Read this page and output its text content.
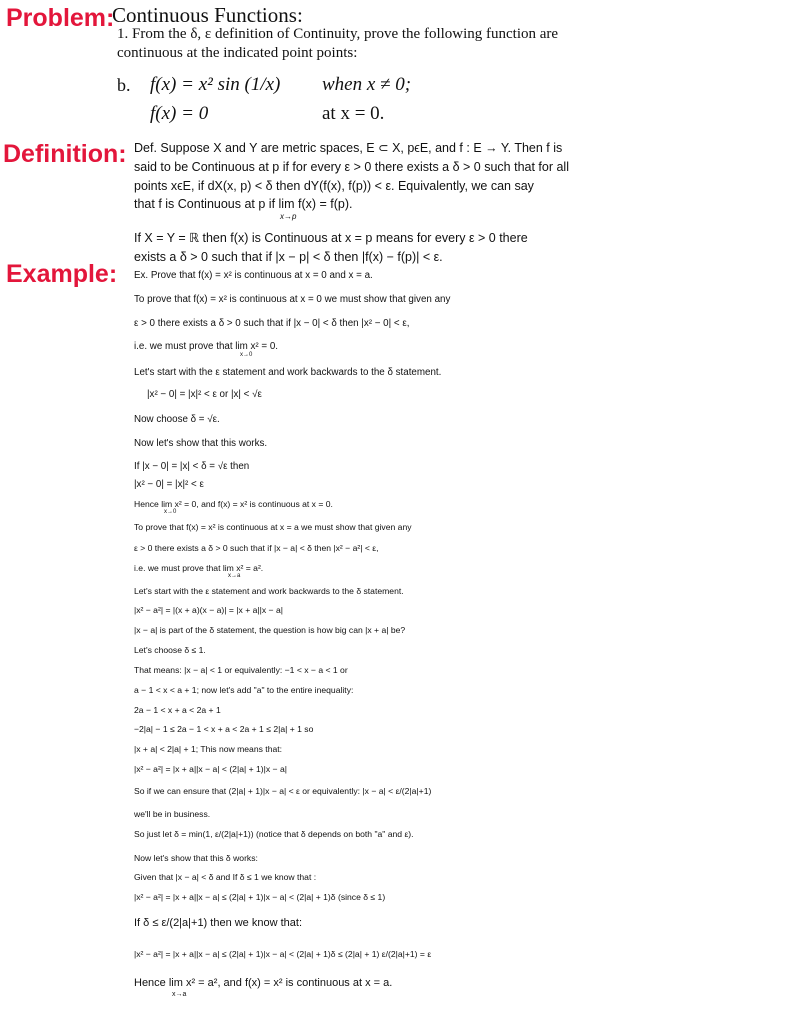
Problem:
Definition:
Example:
Continuous Functions:
1. From the δ, ε definition of Continuity, prove the following function are
continuous at the indicated point points:
b. f(x) = x² sin (1/x) when x ≠ 0;
f(x) = 0	at x = 0.
Def. Suppose X and Y are metric spaces, E ⊂ X, pϵE, and f : E → Y. Then f is
said to be Continuous at p if for every ε > 0 there exists a δ > 0 such that for all
points xϵE, if dX(x, p) < δ then dY(f(x), f(p)) < ε. Equivalently, we can say
that f is Continuous at p if lim f(x) = f(p).
x→p
If X = Y = ℝ then f(x) is Continuous at x = p means for every ε > 0 there
exists a δ > 0 such that if |x − p| < δ then |f(x) − f(p)| < ε.
Ex. Prove that f(x) = x² is continuous at x = 0 and x = a.
To prove that f(x) = x² is continuous at x = 0 we must show that given any
ε > 0 there exists a δ > 0 such that if |x − 0| < δ then |x² − 0| < ε,
i.e. we must prove that lim x² = 0.
x→0
Let's start with the ε statement and work backwards to the δ statement.
|x² − 0| = |x|² < ε or |x| < √ε
Now choose δ = √ε.
Now let's show that this works.
If |x − 0| = |x| < δ = √ε then
|x² − 0| = |x|² < ε
Hence lim x² = 0, and f(x) = x² is continuous at x = 0.
x→0
To prove that f(x) = x² is continuous at x = a we must show that given any
ε > 0 there exists a δ > 0 such that if |x − a| < δ then |x² − a²| < ε,
i.e. we must prove that lim x² = a².
x→a
Let's start with the ε statement and work backwards to the δ statement.
|x² − a²| = |(x + a)(x − a)| = |x + a||x − a|
|x − a| is part of the δ statement, the question is how big can |x + a| be?
Let's choose δ ≤ 1.
That means: |x − a| < 1 or equivalently: −1 < x − a < 1 or
a − 1 < x < a + 1; now let's add "a" to the entire inequality:
2a − 1 < x + a < 2a + 1
−2|a| − 1 ≤ 2a − 1 < x + a < 2a + 1 ≤ 2|a| + 1 so
|x + a| < 2|a| + 1; This now means that:
|x² − a²| = |x + a||x − a| < (2|a| + 1)|x − a|
So if we can ensure that (2|a| + 1)|x − a| < ε or equivalently: |x − a| < ε/(2|a|+1)
we'll be in business.
So just let δ = min(1, ε/(2|a|+1)) (notice that δ depends on both "a" and ε).
Now let's show that this δ works:
Given that |x − a| < δ and If δ ≤ 1 we know that :
|x² − a²| = |x + a||x − a| ≤ (2|a| + 1)|x − a| < (2|a| + 1)δ (since δ ≤ 1)
If δ ≤ ε/(2|a|+1) then we know that:
|x² − a²| = |x + a||x − a| ≤ (2|a| + 1)|x − a| < (2|a| + 1)δ ≤ (2|a| + 1) ε/(2|a|+1) = ε
Hence lim x² = a², and f(x) = x² is continuous at x = a.
x→a
